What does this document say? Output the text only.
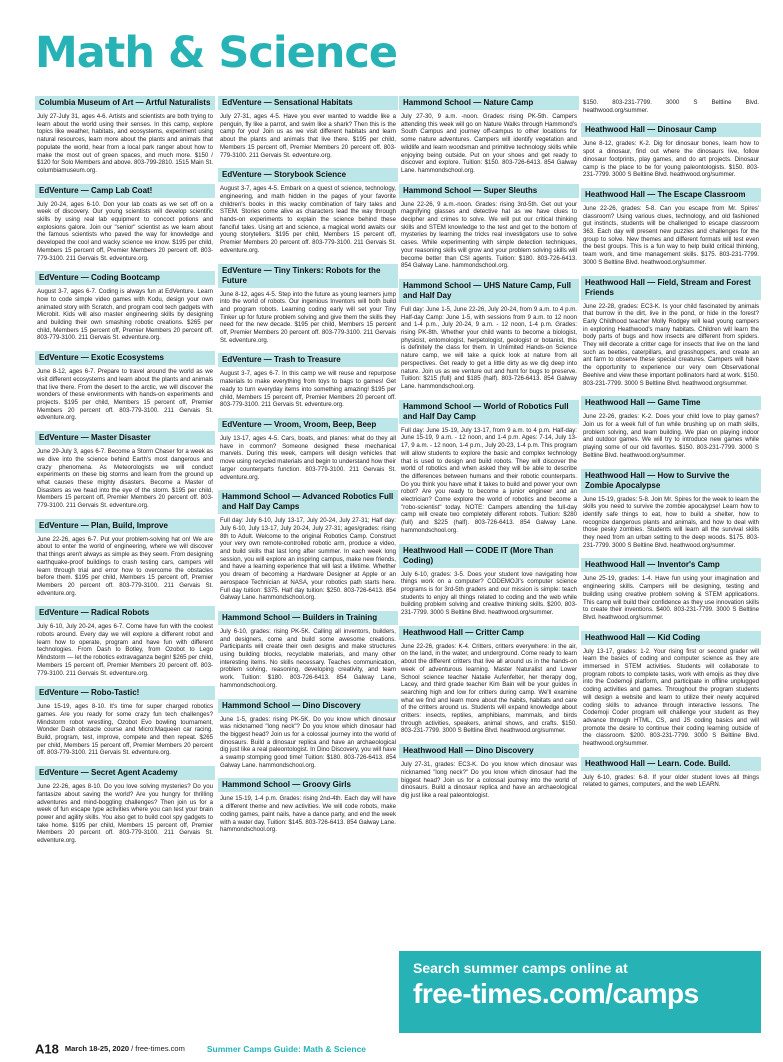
Math & Science
Columbia Museum of Art — Artful Naturalists
July 27-July 31, ages 4-6. Artists and scientists are both trying to learn about the world using their senses. In this camp, explore topics like weather, habitats, and ecosystems, experiment using natural resources, learn more about the plants and animals that populate the world, hear from a local park ranger about how to make the most out of green spaces, and much more. $150 / $120 for Solo Members and above. 803-799-2810. 1515 Main St. columbiamuseum.org.
EdVenture — Camp Lab Coat!
July 20-24, ages 6-10. Don your lab coats as we set off on a week of discovery. Our young scientists will develop scientific skills by using real lab equipment to concoct potions and explosions galore. Join our "senior" scientist as we learn about the famous scientists who paved the way for knowledge and developed the cool and wacky science we know. $195 per child, Members 15 percent off, Premier Members 20 percent off. 803-779-3100. 211 Gervais St. edventure.org.
EdVenture — Coding Bootcamp
August 3-7, ages 6-7. Coding is always fun at EdVenture. Learn how to code simple video games with Kodu, design your own animated story with Scratch, and program cool tech gadgets with Microbit. Kids will also master engineering skills by designing and building their own smashing robotic creations. $265 per child, Members 15 percent off, Premier Members 20 percent off. 803-779-3100. 211 Gervais St. edventure.org.
EdVenture — Exotic Ecosystems
June 8-12, ages 6-7. Prepare to travel around the world as we visit different ecosystems and learn about the plants and animals that live there. From the desert to the arctic, we will discover the wonders of these environments with hands-on experiments and projects. $195 per child, Members 15 percent off, Premier Members 20 percent off. 803-779-3100. 211 Gervais St. edventure.org.
EdVenture — Master Disaster
June 29-July 3, ages 6-7. Become a Storm Chaser for a week as we dive into the science behind Earth's most dangerous and crazy phenomena. As Meteorologists we will conduct experiments on these big storms and learn from the ground up what causes these mighty disasters. Become a Master of Disasters as we head into the eye of the storm. $195 per child, Members 15 percent off, Premier Members 20 percent off. 803-779-3100. 211 Gervais St. edventure.org.
EdVenture — Plan, Build, Improve
June 22-26, ages 6-7. Put your problem-solving hat on! We are about to enter the world of engineering, where we will discover that things aren't always as simple as they seem. From designing earthquake-proof buildings to crash testing cars, campers will learn through trial and error how to overcome the obstacles before them. $195 per child, Members 15 percent off, Premier Members 20 percent off. 803-779-3100. 211 Gervais St. edventure.org.
EdVenture — Radical Robots
July 6-10, July 20-24, ages 6-7. Come have fun with the coolest robots around. Every day we will explore a different robot and learn how to operate, program and have fun with different technologies. From Dash to Botley, from Ozobot to Lego Mindstorm — let the robotics extravaganza begin! $265 per child, Members 15 percent off, Premier Members 20 percent off. 803-779-3100. 211 Gervais St. edventure.org.
EdVenture — Robo-Tastic!
June 15-19, ages 8-10. It's time for super charged robotics games. Are you ready for some crazy fun tech challenges? Mindstorm robot wrestling, Ozobot Evo bowling tournament, Wonder Dash obstacle course and Micro:Maqueen car racing. Build, program, test, improve, compete and then repeat. $265 per child, Members 15 percent off, Premier Members 20 percent off. 803-779-3100. 211 Gervais St. edventure.org.
EdVenture — Secret Agent Academy
June 22-26, ages 8-10. Do you love solving mysteries? Do you fantasize about saving the world? Are you hungry for thrilling adventures and mind-boggling challenges? Then join us for a week of fun escape type activities where you can test your brain power and agility skills. You also get to build cool spy gadgets to take home. $195 per child, Members 15 percent off, Premier Members 20 percent off. 803-779-3100. 211 Gervais St. edventure.org.
EdVenture — Sensational Habitats
July 27-31, ages 4-5. Have you ever wanted to waddle like a penguin, fly like a parrot, and swim like a shark? Then this is the camp for you! Join us as we visit different habitats and learn about the plants and animals that live there. $195 per child, Members 15 percent off, Premier Members 20 percent off. 803-779-3100. 211 Gervais St. edventure.org.
EdVenture — Storybook Science
August 3-7, ages 4-5. Embark on a quest of science, technology, engineering, and math hidden in the pages of your favorite children's books in this wacky combination of fairy tales and STEM. Stories come alive as characters lead the way through hands-on experiments to explain the science behind these fanciful tales. Using art and science, a magical world awaits our young storytellers. $195 per child, Members 15 percent off, Premier Members 20 percent off. 803-779-3100. 211 Gervais St. edventure.org.
EdVenture — Tiny Tinkers: Robots for the Future
June 8-12, ages 4-5. Step into the future as young learners jump into the world of robots. Our ingenious Inventors will both build and program robots. Learning coding early will set your Tiny Tinker up for future problem solving and give them the skills they need for the new decade. $195 per child, Members 15 percent off, Premier Members 20 percent off. 803-779-3100. 211 Gervais St. edventure.org.
EdVenture — Trash to Treasure
August 3-7, ages 6-7. In this camp we will reuse and repurpose materials to make everything from toys to bags to games! Get ready to turn everyday items into something amazing! $195 per child, Members 15 percent off, Premier Members 20 percent off. 803-779-3100. 211 Gervais St. edventure.org.
EdVenture — Vroom, Vroom, Beep, Beep
July 13-17, ages 4-5. Cars, boats, and planes: what do they all have in common? Someone designed these mechanical marvels. During this week, campers will design vehicles that move using recycled materials and begin to understand how their larger counterparts function. 803-779-3100. 211 Gervais St. edventure.org.
Hammond School — Advanced Robotics Full and Half Day Camps
Full day: July 6-10, July 13-17, July 20-24, July 27-31; Half day: July 6-10, July 13-17, July 20-24, July 27-31; ages/grades: rising 8th to Adult. Welcome to the original Robotics Camp. Construct your very own remote-controlled robotic arm, produce a video, and build skills that last long after summer. In each week long session, you will explore an inspiring campus, make new friends, and have a learning experience that will last a lifetime. Whether you dream of becoming a Hardware Designer at Apple or an aerospace Technician at NASA, your robotics path starts here. Full day tuition: $375. Half day tuition: $250. 803-726-6413. 854 Galway Lane. hammondschool.org.
Hammond School — Builders in Training
July 6-10, grades: rising PK-5K. Calling all inventors, builders, and designers, come and build some awesome creations. Participants will create their own designs and make structures using building blocks, recyclable materials, and many other interesting items. No skills necessary. Teaches communication, problem solving, reasoning, developing creativity, and team work. Tuition: $180. 803-726-6413. 854 Galway Lane, hammondschool.org.
Hammond School — Dino Discovery
June 1-5, grades: rising PK-5K. Do you know which dinosaur was nicknamed "long neck"? Do you know which dinosaur had the biggest head? Join us for a colossal journey into the world of dinosaurs. Build a dinosaur replica and have an archaeological dig just like a real paleontologist. In Dino Discovery, you will have a swamp stomping good time! Tuition: $180. 803-726-6413. 854 Galway Lane. hammondschool.org.
Hammond School — Groovy Girls
June 15-19, 1-4 p.m. Grades: rising 2nd-4th. Each day will have a different theme and new activities. We will code robots, make coding games, paint nails, have a dance party, and end the week with a water day. Tuition: $145. 803-726-6413. 854 Galway Lane. hammondschool.org.
Hammond School — Nature Camp
July 27-30, 9 a.m. -noon. Grades: rising PK-5th. Campers attending this week will go on Nature Walks through Hammond's South Campus and journey off-campus to other locations for some nature adventures. Campers will identify vegetation and wildlife and learn woodsman and primitive technology skills while enjoying being outside. Put on your shoes and get ready to discover and explore. Tuition: $150. 803-726-6413. 854 Galway Lane. hammondschool.org.
Hammond School — Super Sleuths
June 22-26, 9 a.m.-noon. Grades: rising 3rd-5th. Get out your magnifying glasses and detective hat as we have clues to decipher and crimes to solve. We will put our critical thinking skills and STEM knowledge to the test and get to the bottom of mysteries by learning the tricks real investigators use to solve cases. While experimenting with simple detection techniques, your reasoning skills will grow and your problem solving skills will become better than CSI agents. Tuition: $180. 803-726-6413. 854 Galway Lane. hammondschool.org.
Hammond School — UHS Nature Camp, Full and Half Day
Full day: June 1-5, June 22-26, July 20-24, from 9 a.m. to 4 p.m. Half-day Camp: June 1-5, with sessions from 9 a.m. to 12 noon and 1-4 p.m., July 20-24, 9 a.m. - 12 noon, 1-4 p.m. Grades: rising PK-8th. Whether your child wants to become a biologist, physicist, entomologist, herpetologist, geologist or botanist, this is definitely the class for them. In Unlimited Hands-on Science nature camp, we will take a quick look at nature from all perspectives. Get ready to get a little dirty as we dig deep into nature. Join us as we venture out and hunt for bugs to preserve. Tuition: $215 (full) and $185 (half). 803-726-6413. 854 Galway Lane. hammondschool.org.
Hammond School — World of Robotics Full and Half Day Camp
Full day: June 15-19, July 13-17, from 9 a.m. to 4 p.m. Half-day: June 15-19, 9 a.m. - 12 noon, and 1-4 p.m. Ages: 7-14, July 13-17, 9 a.m. - 12 noon, 1-4 p.m., July 20-23, 1-4 p.m. This program will allow students to explore the basic and complex technology that is used to design and build robots. They will discover the world of robotics and when asked they will be able to describe the differences between humans and their robotic counterparts. Do you think you have what it takes to build and power your own robot? Are you ready to become a junior engineer and an electrician? Come explore the world of robotics and become a "robo-scientist" today. NOTE: Campers attending the full-day camp will create two completely different robots. Tuition: $280 (full) and $225 (half). 803-726-6413. 854 Galway Lane. hammondschool.org.
Heathwood Hall — CODE IT (More Than Coding)
July 6-10, grades: 3-5. Does your student love navigating how things work on a computer? CODEMOJI's computer science programs is for 3rd-5th graders and our mission is simple: teach students to enjoy all things related to coding and the web while building problem solving and creative thinking skills. $200. 803-231-7799. 3000 S Beltline Blvd. heathwood.org/summer.
Heathwood Hall — Critter Camp
June 22-26, grades: K-4. Critters, critters everywhere: in the air, on the land, in the water, and underground. Come ready to learn about the different critters that live all around us in the hands-on week of adventurous learning. Master Naturalist and Lower School science teacher Natalie Aufenfelter, her therapy dog, Lacey, and third grade teacher Kim Bain will be your guides in searching high and low for critters during camp. We'll examine what we find and learn more about the habits, habitats and care of the critters around us. Students will expand knowledge about critters: insects, reptiles, amphibians, mammals, and birds through activities, speakers, animal shows, and crafts. $150. 803-231-7799. 3000 S Beltline Blvd. heathwood.org/summer.
Heathwood Hall — Dino Discovery
July 27-31, grades: EC3-K. Do you know which dinosaur was nicknamed "long neck?" Do you know which dinosaur had the biggest head? Join us for a colossal journey into the world of dinosaurs. Build a dinosaur replica and have an archaeological dig just like a real paleontologist.
$150. 803-231-7799. 3000 S Beltline Blvd. heathwood.org/summer.
Heathwood Hall — Dinosaur Camp
June 8-12, grades: K-2. Dig for dinosaur bones, learn how to spot a dinosaur, find out where the dinosaurs live, follow dinosaur footprints, play games, and do art projects. Dinosaur camp is the place to be for young paleontologists. $150. 803-231-7799. 3000 S Beltline Blvd. heathwood.org/summer.
Heathwood Hall — The Escape Classroom
June 22-26, grades: 5-8. Can you escape from Mr. Spires' classroom? Using various clues, technology, and old fashioned gut instincts, students will be challenged to escape classroom 363. Each day will present new puzzles and challenges for the group to solve. New themes and different formats will test even the best groups. This is a fun way to help build critical thinking, team work, and time management skills. $175. 803-231-7799. 3000 S Beltline Blvd. heathwood.org/summer.
Heathwood Hall — Field, Stream and Forest Friends
June 22-28, grades: EC3-K. Is your child fascinated by animals that burrow in the dirt, live in the pond, or hide in the forest? Early Childhood teacher Molly Rodgey will lead young campers in exploring Heathwood's many habitats. Children will learn the body parts of bugs and how insects are different from spiders. They will decorate a critter cage for insects that live on the land such as beetles, caterpillars, and grasshoppers, and create an ant farm to observe these special creatures. Campers will have the opportunity to experience our very own Observational Beehive and view these important pollinators hard at work. $150. 803-231-7799. 3000 S Beltline Blvd. heathwood.org/summer.
Heathwood Hall — Game Time
June 22-26, grades: K-2. Does your child love to play games? Join us for a week full of fun while brushing up on math skills, problem solving, and team building. We plan on playing indoor and outdoor games. We will try to introduce new games while playing some of our old favorites. $150. 803-231-7799. 3000 S Beltline Blvd. heathwood.org/summer.
Heathwood Hall — How to Survive the Zombie Apocalypse
June 15-19, grades: 5-8. Join Mr. Spires for the week to learn the skills you need to survive the zombie apocalypse! Learn how to identify safe things to eat, how to build a shelter, how to recognize dangerous plants and animals, and how to deal with those pesky zombies. Students will learn all the survival skills they need from an urban setting to the deep woods. $175. 803-231-7799. 3000 S Beltline Blvd. heathwood.org/summer.
Heathwood Hall — Inventor's Camp
June 25-19, grades: 1-4. Have fun using your imagination and engineering skills. Campers will be designing, testing and building using creative problem solving & STEM applications. This camp will build their confidence as they use innovation skills to create their inventions. $400. 803-231-7799. 3000 S Beltline Blvd. heathwood.org/summer.
Heathwood Hall — Kid Coding
July 13-17, grades: 1-2. Your rising first or second grader will learn the basics of coding and computer science as they are immersed in STEM activities. Students will collaborate to program robots to complete tasks, work with emojis as they dive into the Codemoji platform, and participate in offline unplugged coding activities and games. Throughout the program students will design a website and learn to utilize their newly acquired coding skills to advance through interactive lessons. The Codemoji Coder program will challenge your student as they advance through HTML, CS, and JS coding basics and will promote the desire to continue their coding learning outside of the classroom. $200. 803-231-7799. 3000 S Beltline Blvd. heathwood.org/summer.
Heathwood Hall — Learn. Code. Build.
July 6-10, grades: 6-8. If your older student loves all things related to games, computers, and the web LEARN.
Search summer camps online at
free-times.com/camps
A18 March 18-25, 2020 / free-times.com	Summer Camps Guide: Math & Science
